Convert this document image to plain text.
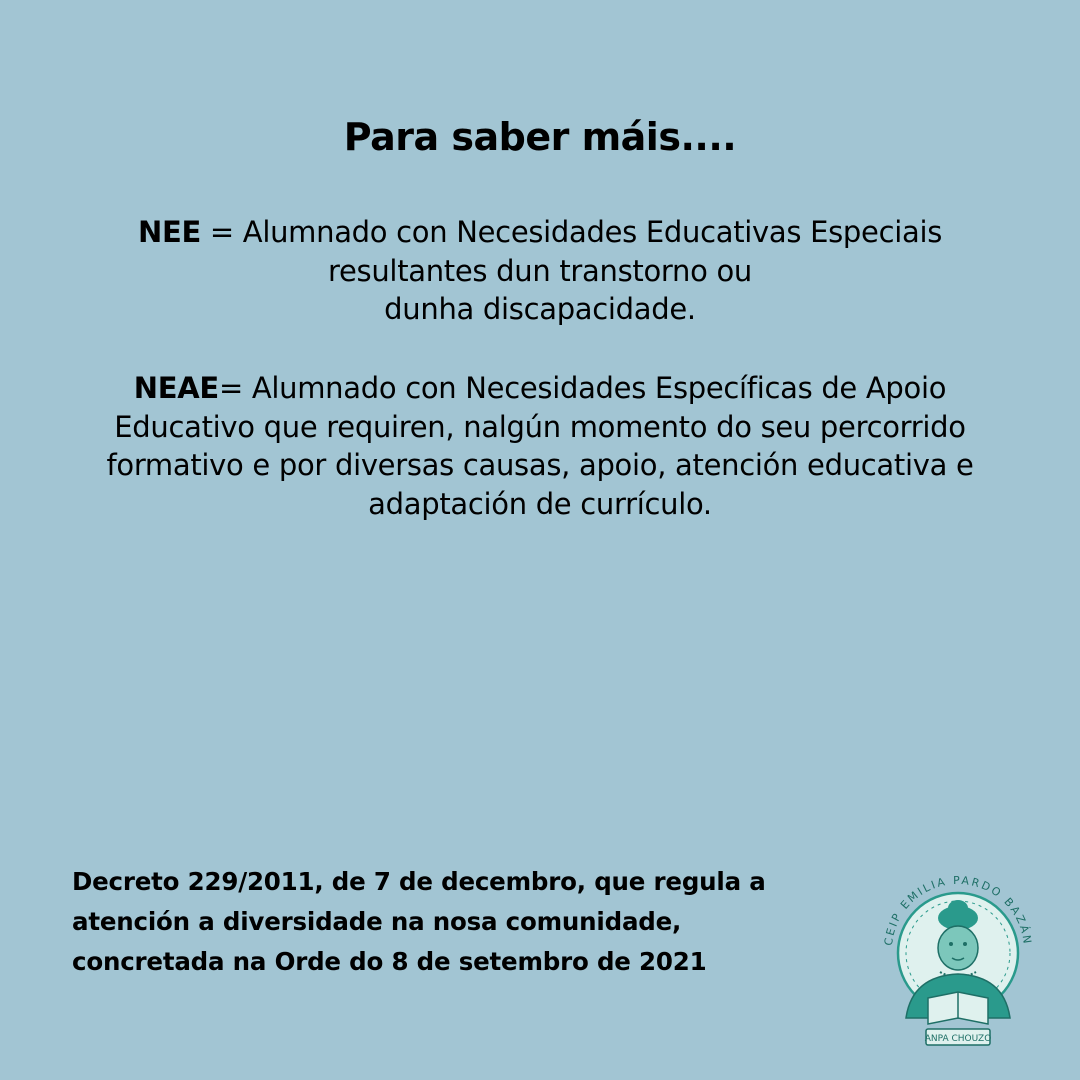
Para saber máis....
NEE = Alumnado con Necesidades Educativas Especiais
resultantes dun transtorno ou
dunha discapacidade.
NEAE= Alumnado con Necesidades Específicas de Apoio
Educativo que requiren, nalgún momento do seu percorrido
formativo e por diversas causas, apoio, atención educativa e
adaptación de currículo.
Decreto 229/2011, de 7 de decembro, que regula a
atención a diversidade na nosa comunidade,
concretada na Orde do 8 de setembro de 2021
CEIP EMILIA PARDO BAZÁN
ANPA CHOUZO
